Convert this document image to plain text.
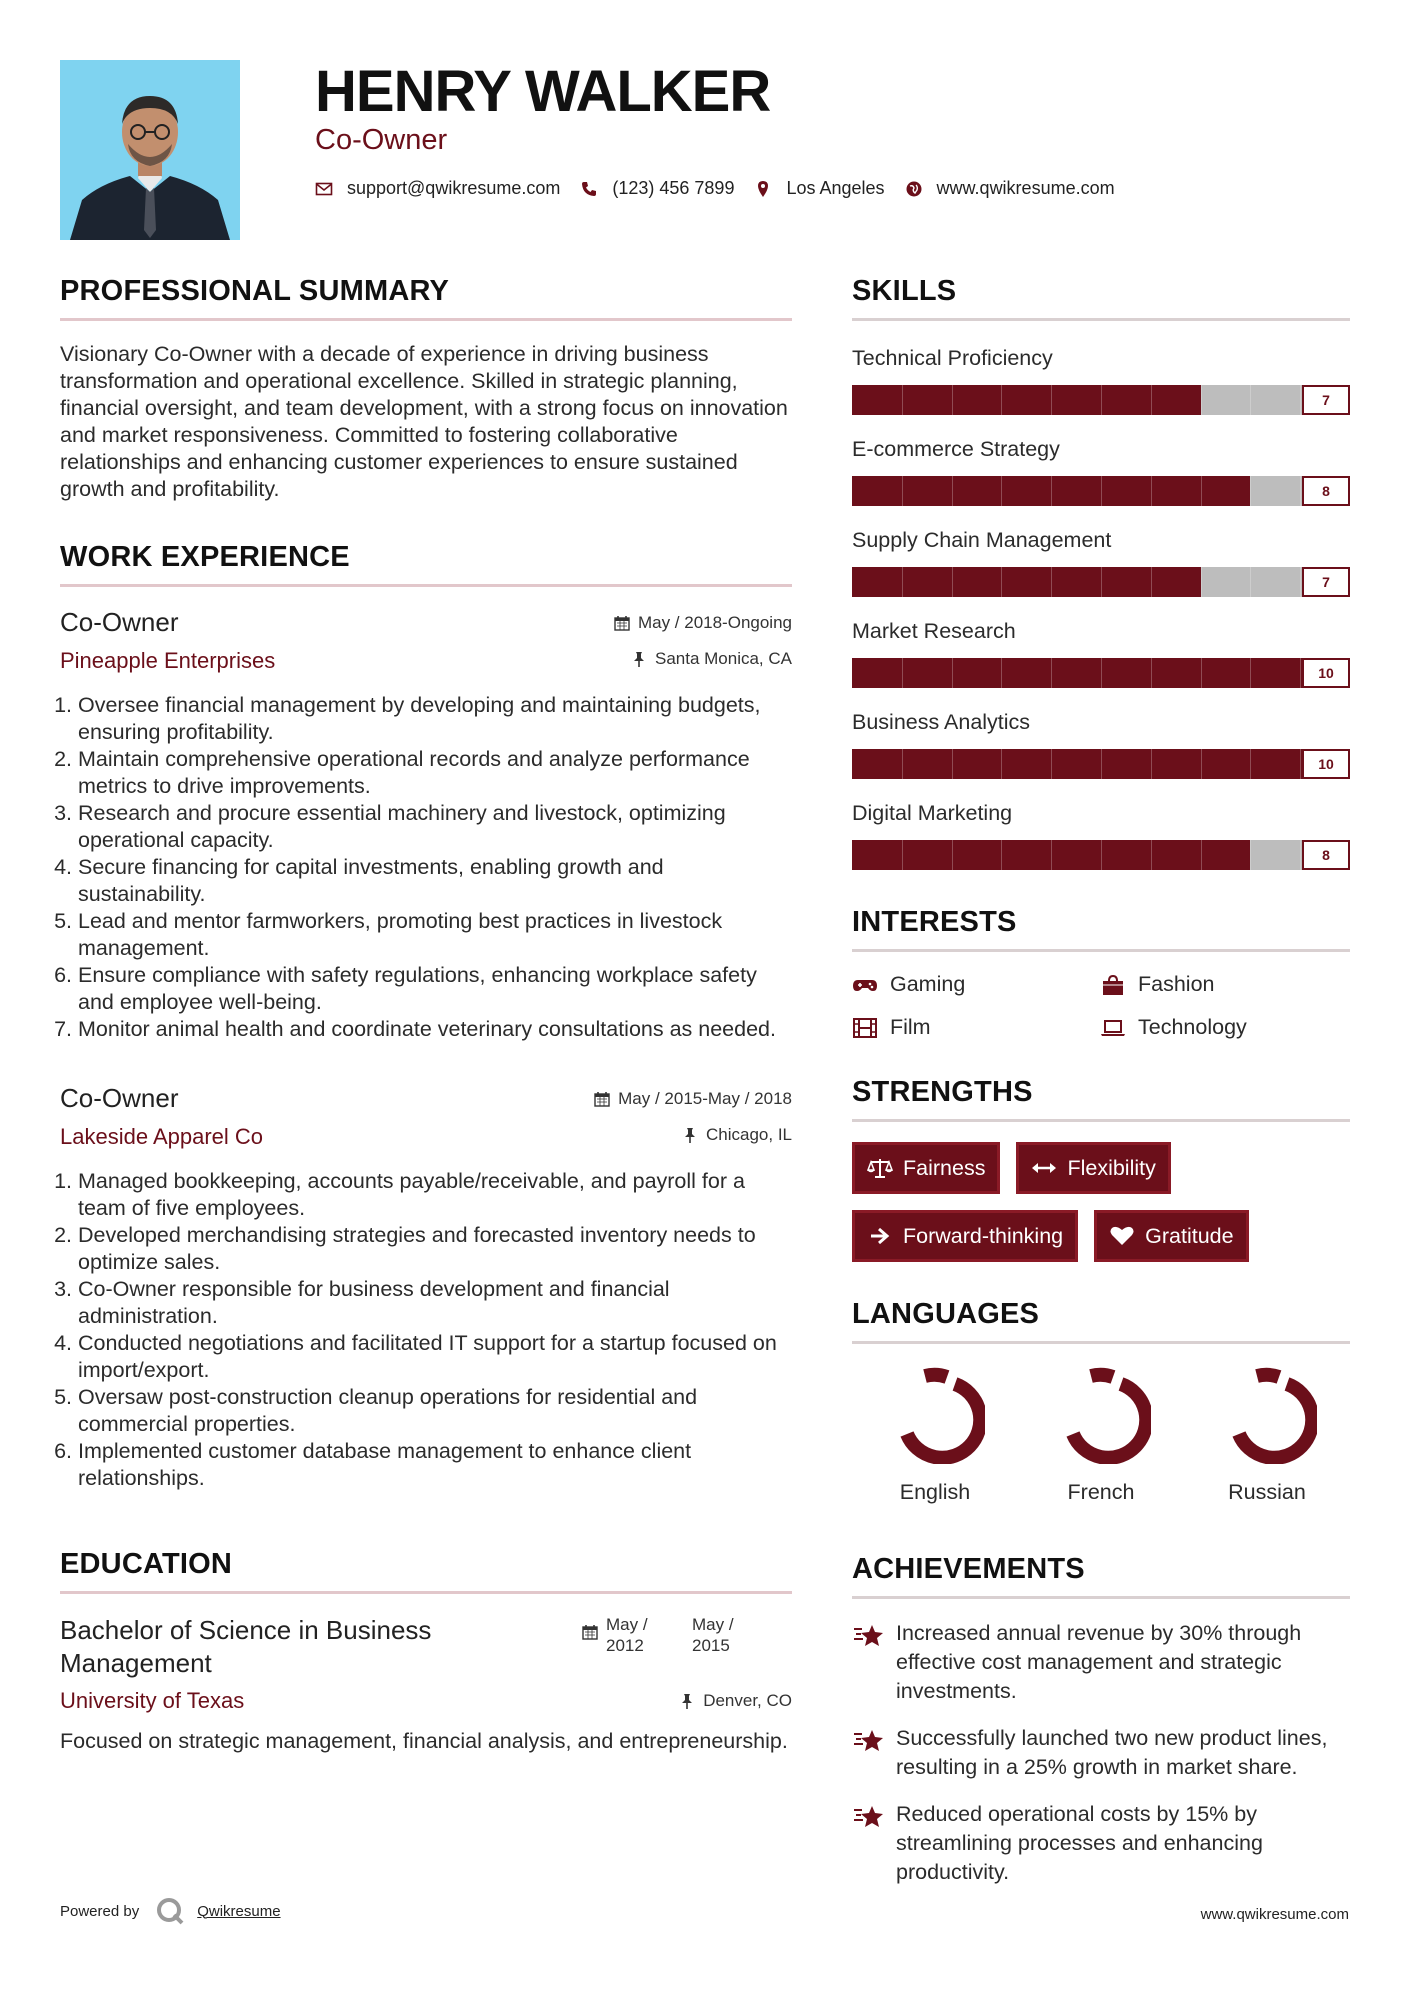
HENRY WALKER
Co-Owner
support@qwikresume.com	(123) 456 7899	Los Angeles	www.qwikresume.com
PROFESSIONAL SUMMARY

Visionary Co-Owner with a decade of experience in driving business transformation and operational excellence. Skilled in strategic planning, financial oversight, and team development, with a strong focus on innovation and market responsiveness. Committed to fostering collaborative relationships and enhancing customer experiences to ensure sustained growth and profitability.

WORK EXPERIENCE
Co-Owner
Pineapple Enterprises
May / 2018-Ongoing
Santa Monica, CA
1. Oversee financial management by developing and maintaining budgets, ensuring profitability.
2. Maintain comprehensive operational records and analyze performance metrics to drive improvements.
3. Research and procure essential machinery and livestock, optimizing operational capacity.
4. Secure financing for capital investments, enabling growth and sustainability.
5. Lead and mentor farmworkers, promoting best practices in livestock management.
6. Ensure compliance with safety regulations, enhancing workplace safety and employee well-being.
7. Monitor animal health and coordinate veterinary consultations as needed.
Co-Owner
Lakeside Apparel Co
May / 2015-May / 2018
Chicago, IL
1. Managed bookkeeping, accounts payable/receivable, and payroll for a team of five employees.
2. Developed merchandising strategies and forecasted inventory needs to optimize sales.
3. Co-Owner responsible for business development and financial administration.
4. Conducted negotiations and facilitated IT support for a startup focused on import/export.
5. Oversaw post-construction cleanup operations for residential and commercial properties.
6. Implemented customer database management to enhance client relationships.
EDUCATION
Bachelor of Science in Business Management
May / 2012
May / 2015
University of Texas	Denver, CO
Focused on strategic management, financial analysis, and entrepreneurship.
SKILLS
Technical Proficiency
7
E-commerce Strategy
8
Supply Chain Management
7
Market Research
10
Business Analytics
10
Digital Marketing
8
INTERESTS
Gaming	Fashion
Film	Technology
STRENGTHS
Fairness	Flexibility
Forward-thinking	Gratitude
LANGUAGES
English	French	Russian
ACHIEVEMENTS
Increased annual revenue by 30% through effective cost management and strategic investments.
Successfully launched two new product lines, resulting in a 25% growth in market share.
Reduced operational costs by 15% by streamlining processes and enhancing productivity.
Powered by	Qwikresume	www.qwikresume.com
